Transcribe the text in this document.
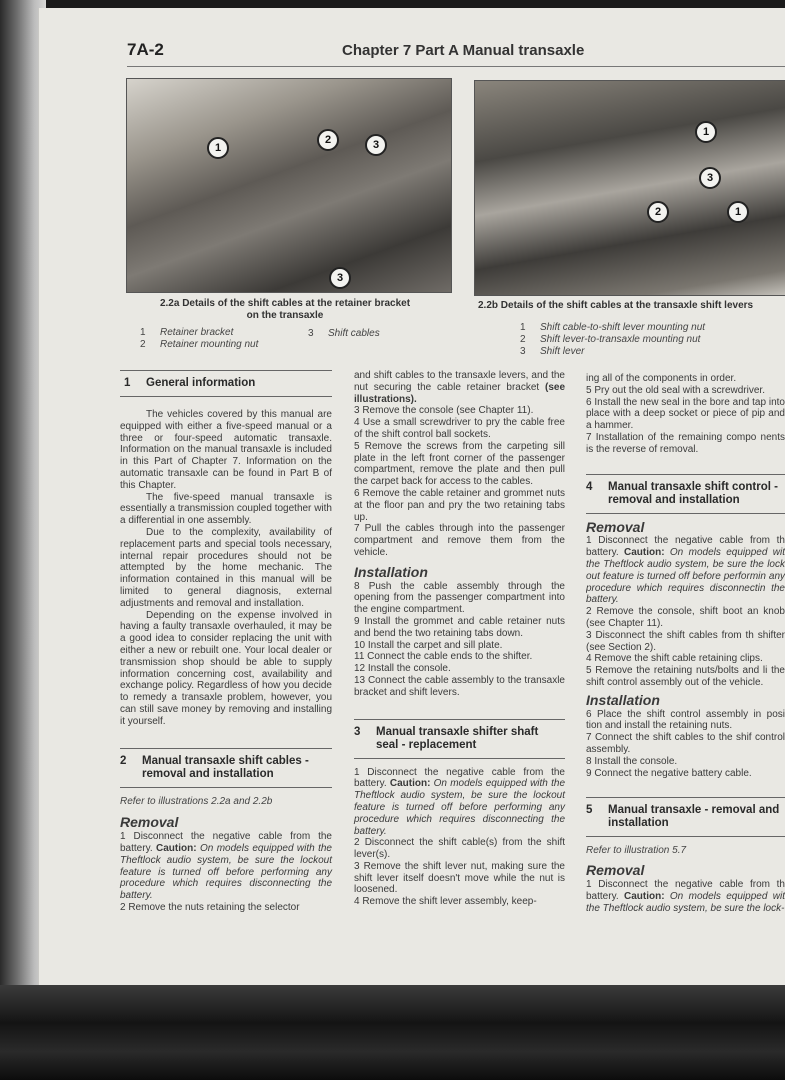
7A-2	Chapter 7 Part A Manual transaxle
1
2	3
3
2.2a Details of the shift cables at the retainer bracket
on the transaxle
1 Retainer bracket
2 Retainer mounting nut
3 Shift cables
1
3
2	1
2.2b Details of the shift cables at the transaxle shift levers
1 Shift cable-to-shift lever mounting nut
2 Shift lever-to-transaxle mounting nut
3 Shift lever
1 General information

The vehicles covered by this manual are equipped with either a five-speed manual or a three or four-speed automatic transaxle. Information on the manual transaxle is included in this Part of Chapter 7. Information on the automatic transaxle can be found in Part B of this Chapter.

The five-speed manual transaxle is essentially a transmission coupled together with a differential in one assembly.

Due to the complexity, availability of replacement parts and special tools necessary, internal repair procedures should not be attempted by the home mechanic. The information contained in this manual will be limited to general diagnosis, external adjustments and removal and installation.

Depending on the expense involved in having a faulty transaxle overhauled, it may be a good idea to consider replacing the unit with either a new or rebuilt one. Your local dealer or transmission shop should be able to supply information concerning cost, availability and exchange policy. Regardless of how you decide to remedy a transaxle problem, however, you can still save money by removing and installing it yourself.

2 Manual transaxle shift cables -
removal and installation
Refer to illustrations 2.2a and 2.2b
Removal

1 Disconnect the negative cable from the battery. Caution: On models equipped with the Theftlock audio system, be sure the lockout feature is turned off before performing any procedure which requires disconnecting the battery.

2 Remove the nuts retaining the selector

and shift cables to the transaxle levers, and the nut securing the cable retainer bracket (see illustrations).

3 Remove the console (see Chapter 11).

4 Use a small screwdriver to pry the cable free of the shift control ball sockets.

5 Remove the screws from the carpeting sill plate in the left front corner of the passenger compartment, remove the plate and then pull the carpet back for access to the cables.

6 Remove the cable retainer and grommet nuts at the floor pan and pry the two retaining tabs up.

7 Pull the cables through into the passenger compartment and remove them from the vehicle.

Installation

8 Push the cable assembly through the opening from the passenger compartment into the engine compartment.

9 Install the grommet and cable retainer nuts and bend the two retaining tabs down.

10 Install the carpet and sill plate.

11 Connect the cable ends to the shifter.

12 Install the console.

13 Connect the cable assembly to the transaxle bracket and shift levers.

3 Manual transaxle shifter shaft
seal - replacement

1 Disconnect the negative cable from the battery. Caution: On models equipped with the Theftlock audio system, be sure the lockout feature is turned off before performing any procedure which requires disconnecting the battery.

2 Disconnect the shift cable(s) from the shift lever(s).

3 Remove the shift lever nut, making sure the shift lever itself doesn't move while the nut is loosened.

4 Remove the shift lever assembly, keep-

ing all of the components in order.

5 Pry out the old seal with a screwdriver.

6 Install the new seal in the bore and tap into place with a deep socket or piece of pip and a hammer.

7 Installation of the remaining compo nents is the reverse of removal.

4 Manual transaxle shift control -
removal and installation
Removal

1 Disconnect the negative cable from th battery. Caution: On models equipped wit the Theftlock audio system, be sure the lock out feature is turned off before performin any procedure which requires disconnectin the battery.

2 Remove the console, shift boot an knob (see Chapter 11).

3 Disconnect the shift cables from th shifter (see Section 2).

4 Remove the shift cable retaining clips.

5 Remove the retaining nuts/bolts and li the shift control assembly out of the vehicle.

Installation

6 Place the shift control assembly in posi tion and install the retaining nuts.

7 Connect the shift cables to the shif control assembly.

8 Install the console.

9 Connect the negative battery cable.

5 Manual transaxle - removal and
installation
Refer to illustration 5.7
Removal

1 Disconnect the negative cable from th battery. Caution: On models equipped wit the Theftlock audio system, be sure the lock-
